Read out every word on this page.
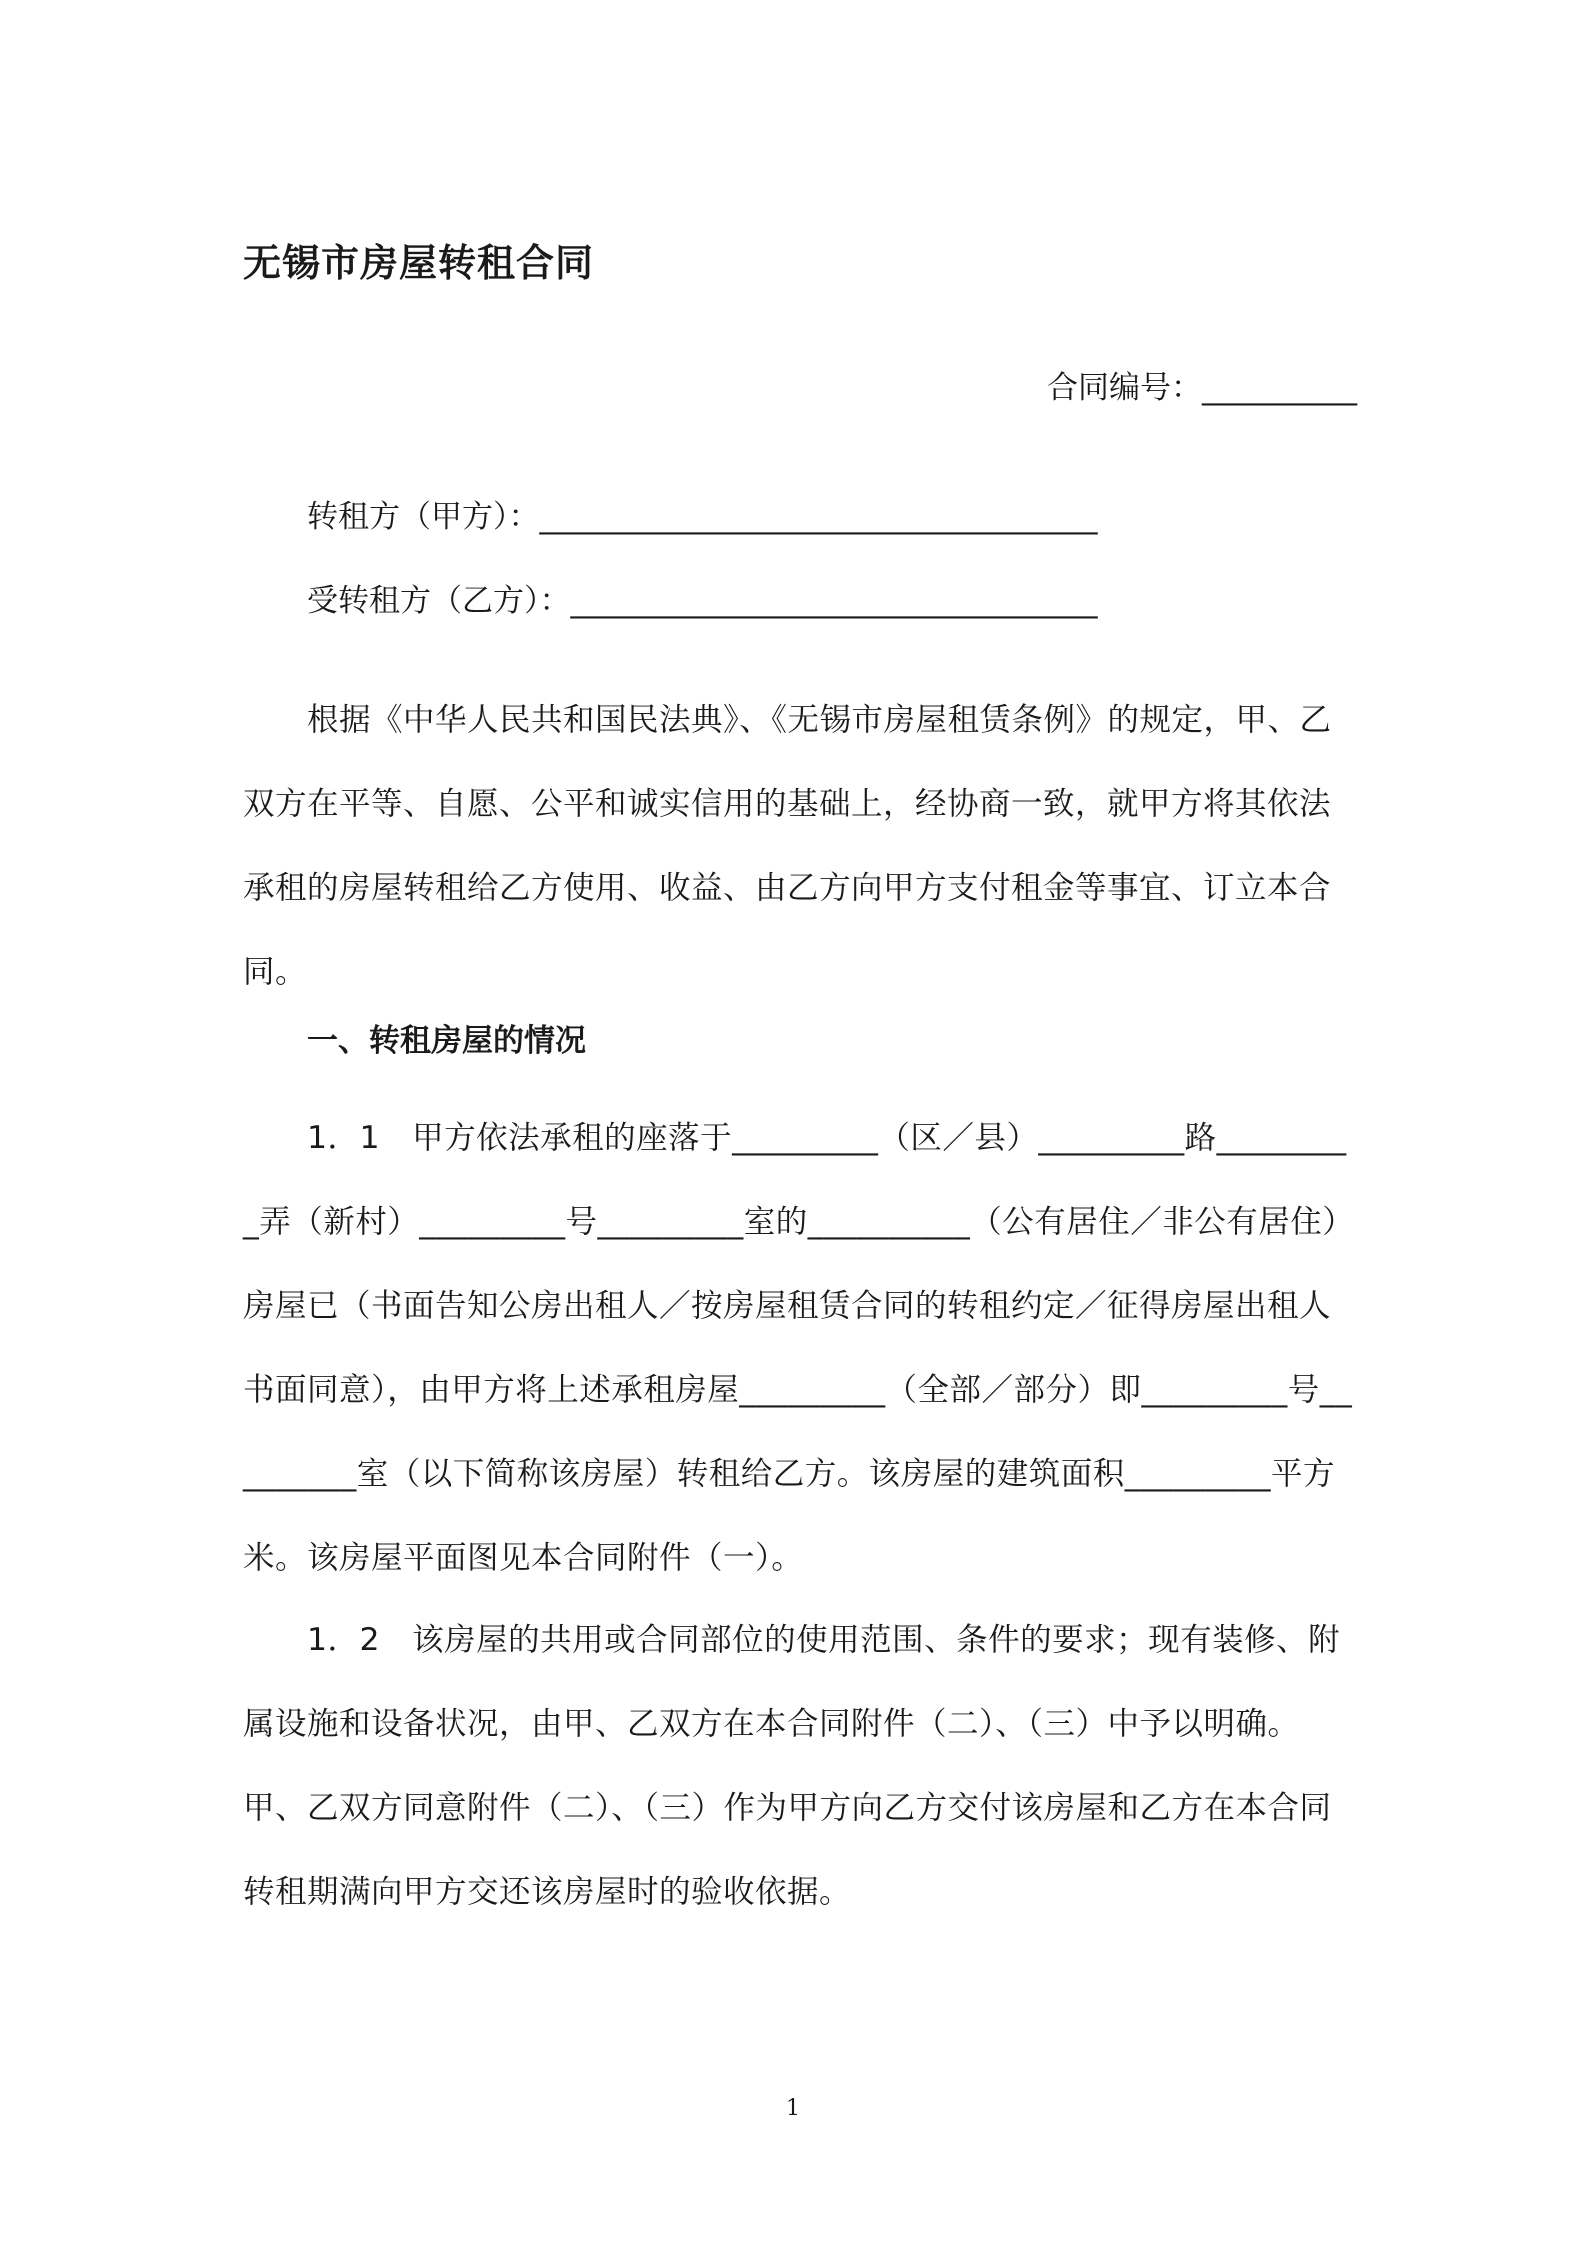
无锡市房屋转租合同
合同编号：__________
转租方（甲方）：____________________________________
受转租方（乙方）：__________________________________

根据《中华人民共和国民法典》、《无锡市房屋租赁条例》的规定，甲、乙双方在平等、自愿、公平和诚实信用的基础上，经协商一致，就甲方将其依法承租的房屋转租给乙方使用、收益、由乙方向甲方支付租金等事宜、订立本合同。

一、转租房屋的情况

1．1　甲方依法承租的座落于_________（区／县）_________路_________弄（新村）_________号_________室的__________（公有居住／非公有居住）房屋已（书面告知公房出租人／按房屋租赁合同的转租约定／征得房屋出租人书面同意），由甲方将上述承租房屋_________（全部／部分）即_________号_________室（以下简称该房屋）转租给乙方。该房屋的建筑面积_________平方米。该房屋平面图见本合同附件（一）。

1．2　该房屋的共用或合同部位的使用范围、条件的要求；现有装修、附属设施和设备状况，由甲、乙双方在本合同附件（二）、（三）中予以明确。甲、乙双方同意附件（二）、（三）作为甲方向乙方交付该房屋和乙方在本合同转租期满向甲方交还该房屋时的验收依据。

1
